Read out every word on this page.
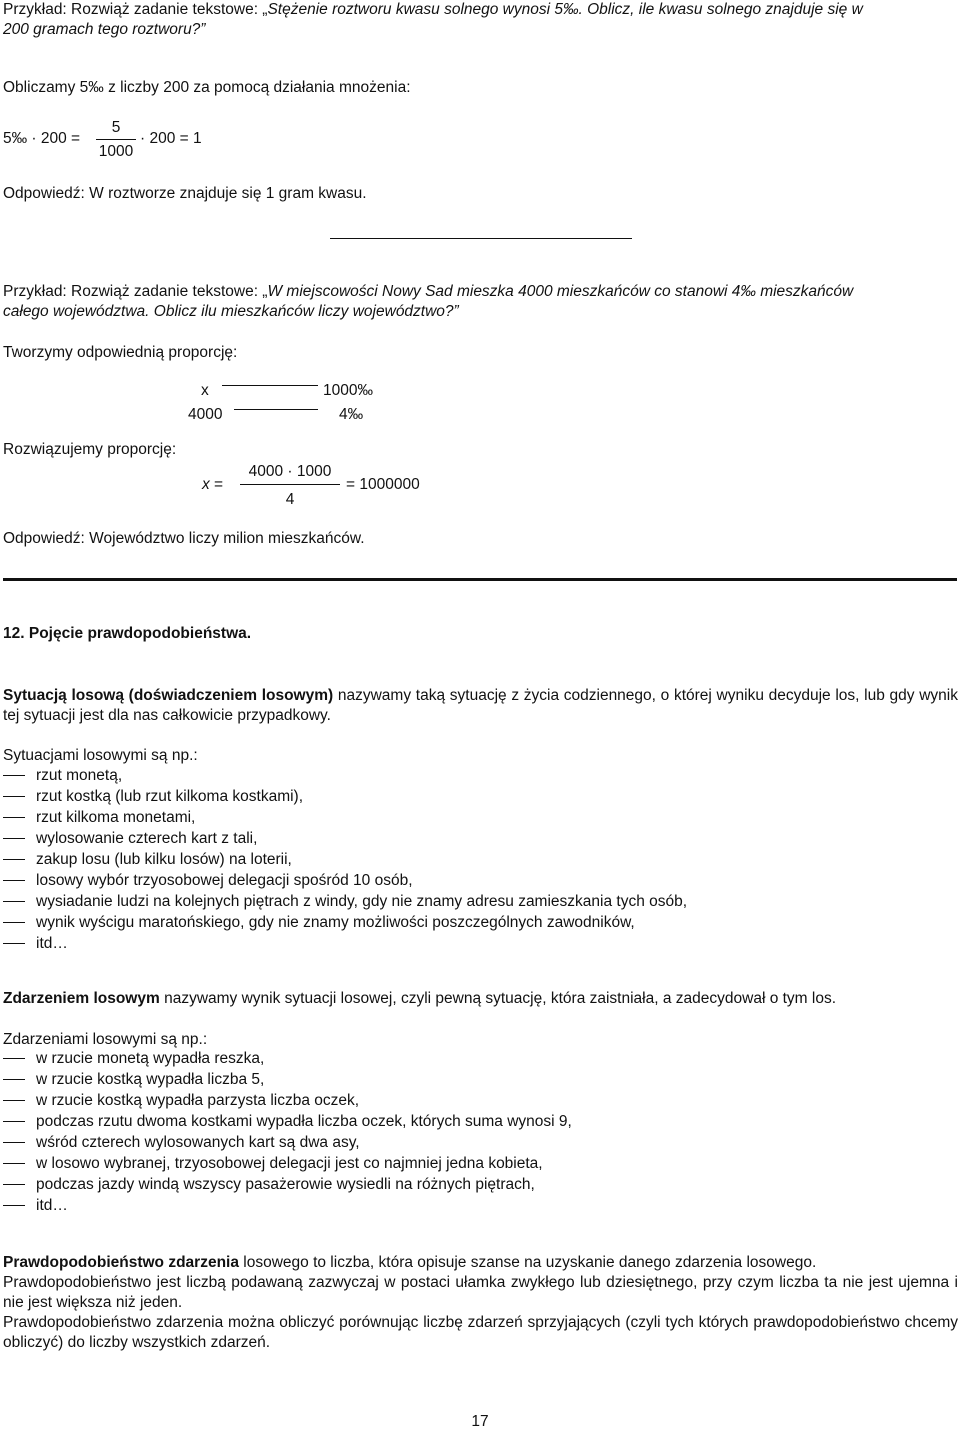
Przykład: Rozwiąż zadanie tekstowe: „Stężenie roztworu kwasu solnego wynosi 5‰. Oblicz, ile kwasu solnego znajduje się w
200 gramach tego roztworu?”
Obliczamy 5‰ z liczby 200 za pomocą działania mnożenia:
5‰ · 200 =
5
1000
· 200 = 1
Odpowiedź: W roztworze znajduje się 1 gram kwasu.
Przykład: Rozwiąż zadanie tekstowe: „W miejscowości Nowy Sad mieszka 4000 mieszkańców co stanowi 4‰ mieszkańców
całego województwa. Oblicz ilu mieszkańców liczy województwo?”
Tworzymy odpowiednią proporcję:
x	1000‰
4000	4‰
Rozwiązujemy proporcję:
x =
4000 · 1000
4
= 1000000
Odpowiedź: Województwo liczy milion mieszkańców.
12. Pojęcie prawdopodobieństwa.
Sytuacją losową (doświadczeniem losowym) nazywamy taką sytuację z życia codziennego, o której wyniku decyduje los, lub gdy wynik tej sytuacji jest dla nas całkowicie przypadkowy.
Sytuacjami losowymi są np.:
rzut monetą,
rzut kostką (lub rzut kilkoma kostkami),
rzut kilkoma monetami,
wylosowanie czterech kart z tali,
zakup losu (lub kilku losów) na loterii,
losowy wybór trzyosobowej delegacji spośród 10 osób,
wysiadanie ludzi na kolejnych piętrach z windy, gdy nie znamy adresu zamieszkania tych osób,
wynik wyścigu maratońskiego, gdy nie znamy możliwości poszczególnych zawodników,
itd…
Zdarzeniem losowym nazywamy wynik sytuacji losowej, czyli pewną sytuację, która zaistniała, a zadecydował o tym los.
Zdarzeniami losowymi są np.:
w rzucie monetą wypadła reszka,
w rzucie kostką wypadła liczba 5,
w rzucie kostką wypadła parzysta liczba oczek,
podczas rzutu dwoma kostkami wypadła liczba oczek, których suma wynosi 9,
wśród czterech wylosowanych kart są dwa asy,
w losowo wybranej, trzyosobowej delegacji jest co najmniej jedna kobieta,
podczas jazdy windą wszyscy pasażerowie wysiedli na różnych piętrach,
itd…
Prawdopodobieństwo zdarzenia losowego to liczba, która opisuje szanse na uzyskanie danego zdarzenia losowego.
Prawdopodobieństwo jest liczbą podawaną zazwyczaj w postaci ułamka zwykłego lub dziesiętnego, przy czym liczba ta nie jest ujemna i nie jest większa niż jeden.
Prawdopodobieństwo zdarzenia można obliczyć porównując liczbę zdarzeń sprzyjających (czyli tych których prawdopodobieństwo chcemy obliczyć) do liczby wszystkich zdarzeń.
17
